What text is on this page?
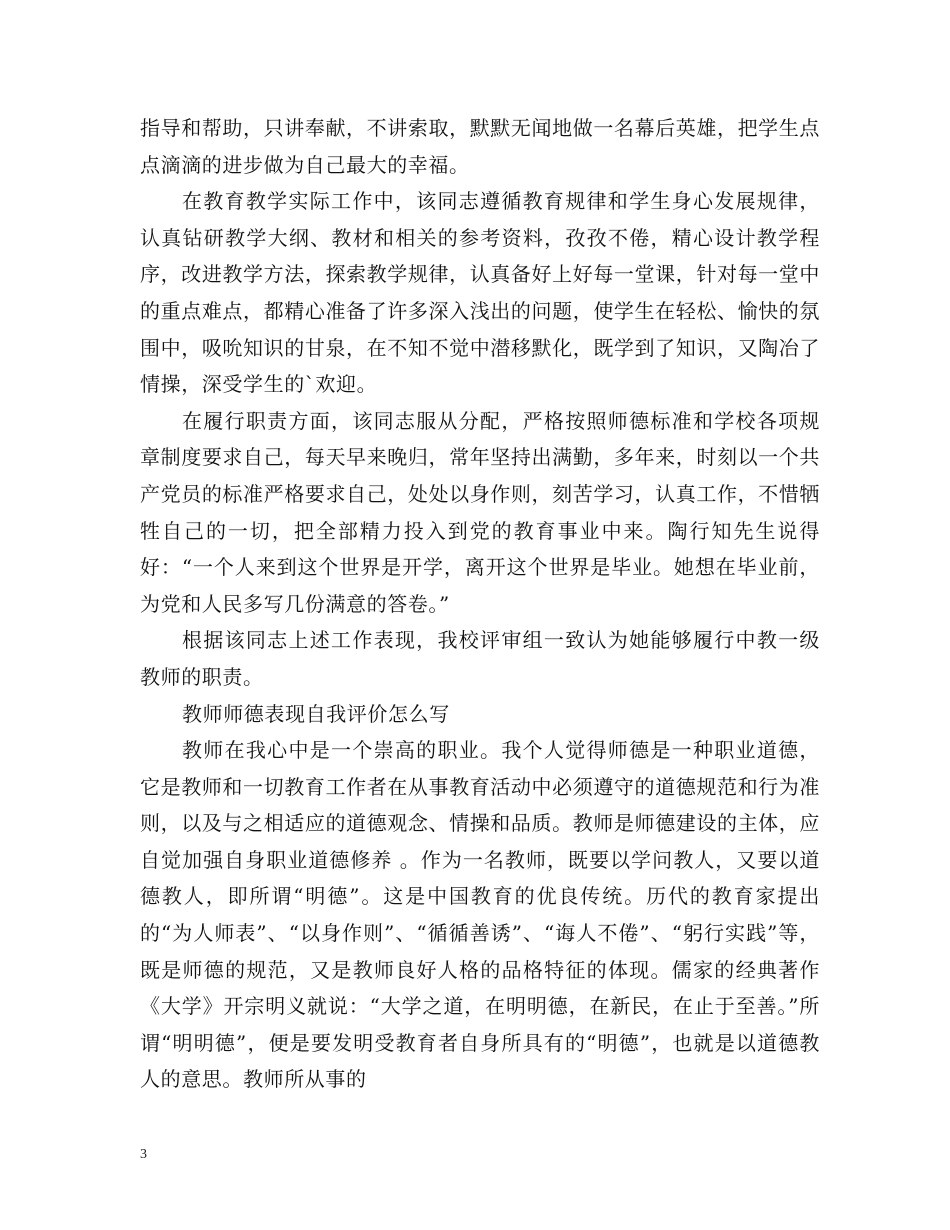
指导和帮助，只讲奉献，不讲索取，默默无闻地做一名幕后英雄，把学生点点滴滴的进步做为自己最大的幸福。

在教育教学实际工作中，该同志遵循教育规律和学生身心发展规律，认真钻研教学大纲、教材和相关的参考资料，孜孜不倦，精心设计教学程序，改进教学方法，探索教学规律，认真备好上好每一堂课，针对每一堂中的重点难点，都精心准备了许多深入浅出的问题，使学生在轻松、愉快的氛围中，吸吮知识的甘泉，在不知不觉中潜移默化，既学到了知识，又陶冶了情操，深受学生的`欢迎。

在履行职责方面，该同志服从分配，严格按照师德标准和学校各项规章制度要求自己，每天早来晚归，常年坚持出满勤，多年来，时刻以一个共产党员的标准严格要求自己，处处以身作则，刻苦学习，认真工作，不惜牺牲自己的一切，把全部精力投入到党的教育事业中来。陶行知先生说得好：“一个人来到这个世界是开学，离开这个世界是毕业。她想在毕业前，为党和人民多写几份满意的答卷。”

根据该同志上述工作表现，我校评审组一致认为她能够履行中教一级教师的职责。

教师师德表现自我评价怎么写

教师在我心中是一个崇高的职业。我个人觉得师德是一种职业道德，它是教师和一切教育工作者在从事教育活动中必须遵守的道德规范和行为准则，以及与之相适应的道德观念、情操和品质。教师是师德建设的主体，应自觉加强自身职业道德修养 。作为一名教师，既要以学问教人，又要以道德教人，即所谓“明德”。这是中国教育的优良传统。历代的教育家提出的“为人师表”、“以身作则”、“循循善诱”、“诲人不倦”、“躬行实践”等，既是师德的规范，又是教师良好人格的品格特征的体现。儒家的经典著作《大学》开宗明义就说：“大学之道，在明明德，在新民，在止于至善。”所谓“明明德”，便是要发明受教育者自身所具有的“明德”，也就是以道德教人的意思。教师所从事的

3
